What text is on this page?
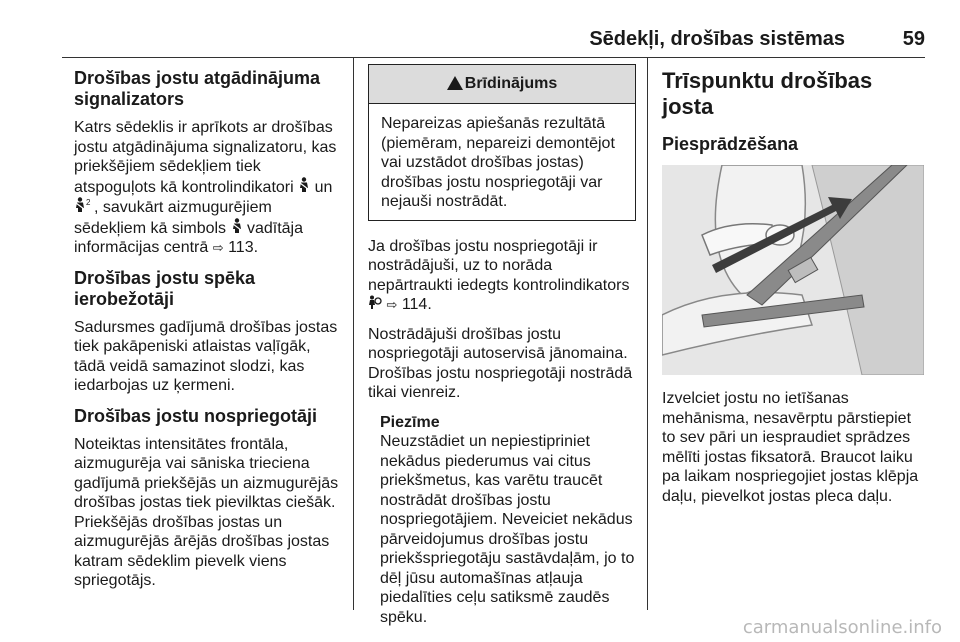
Sēdekļi, drošības sistēmas	59
Drošības jostu atgādinājuma signalizators

Katrs sēdeklis ir aprīkots ar drošības jostu atgādinājuma signalizatoru, kas priekšējiem sēdekļiem tiek atspoguļots kā kontrolindikatori  un
2 , savukārt aizmugurējiem sēdekļiem kā simbols  vadītāja informācijas centrā ⇨ 113.

Drošības jostu spēka ierobežotāji

Sadursmes gadījumā drošības jostas tiek pakāpeniski atlaistas vaļīgāk, tādā veidā samazinot slodzi, kas iedarbojas uz ķermeni.

Drošības jostu nospriegotāji

Noteiktas intensitātes frontāla, aizmugurēja vai sāniska trieciena gadījumā priekšējās un aizmugurējās drošības jostas tiek pievilktas ciešāk. Priekšējās drošības jostas un aizmugurējās ārējās drošības jostas katram sēdeklim pievelk viens spriegotājs.

Brīdinājums
Nepareizas apiešanās rezultātā (piemēram, nepareizi demontējot vai uzstādot drošības jostas) drošības jostu nospriegotāji var nejauši nostrādāt.

Ja drošības jostu nospriegotāji ir nostrādājuši, uz to norāda nepārtraukti iedegts kontrolindikators  ⇨ 114.

Nostrādājuši drošības jostu nospriegotāji autoservisā jānomaina. Drošības jostu nospriegotāji nostrādā tikai vienreiz.

Piezīme
Neuzstādiet un nepiestipriniet nekādus piederumus vai citus priekšmetus, kas varētu traucēt nostrādāt drošības jostu nospriegotājiem. Neveiciet nekādus pārveidojumus drošības jostu priekšspriegotāju sastāvdaļām, jo to dēļ jūsu automašīnas atļauja piedalīties ceļu satiksmē zaudēs spēku.
Trīspunktu drošības josta
Piesprādzēšana

Izvelciet jostu no ietīšanas mehānisma, nesavērptu pārstiepiet to sev pāri un iespraudiet sprādzes mēlīti jostas fiksatorā. Braucot laiku pa laikam nospriegojiet jostas klēpja daļu, pievelkot jostas pleca daļu.

carmanualsonline.info
